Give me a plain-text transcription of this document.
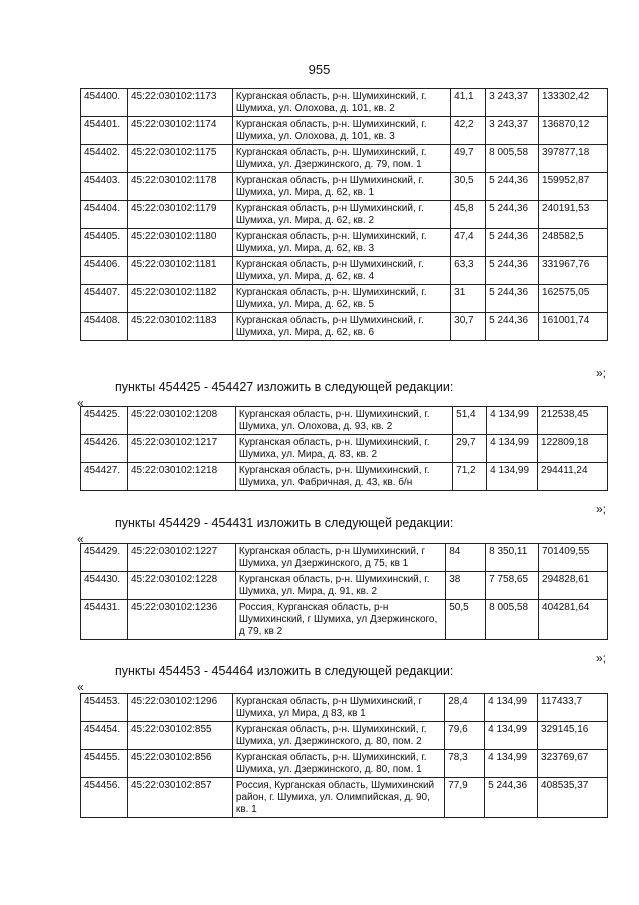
955
454400.	45:22:030102:1173	Курганская область, р-н. Шумихинский, г. Шумиха, ул. Олохова, д. 101, кв. 2	41,1	3 243,37	133302,42
454401.	45:22:030102:1174	Курганская область, р-н. Шумихинский, г. Шумиха, ул. Олохова, д. 101, кв. 3	42,2	3 243,37	136870,12
454402.	45:22:030102:1175	Курганская область, р-н. Шумихинский, г. Шумиха, ул. Дзержинского, д. 79, пом. 1	49,7	8 005,58	397877,18
454403.	45:22:030102:1178	Курганская область, р-н Шумихинский, г. Шумиха, ул. Мира, д. 62, кв. 1	30,5	5 244,36	159952,87
454404.	45:22:030102:1179	Курганская область, р-н Шумихинский, г. Шумиха, ул. Мира, д. 62, кв. 2	45,8	5 244,36	240191,53
454405.	45:22:030102:1180	Курганская область, р-н. Шумихинский, г. Шумиха, ул. Мира, д. 62, кв. 3	47,4	5 244,36	248582,5
454406.	45:22:030102:1181	Курганская область, р-н Шумихинский, г. Шумиха, ул. Мира, д. 62, кв. 4	63,3	5 244,36	331967,76
454407.	45:22:030102:1182	Курганская область, р-н. Шумихинский, г. Шумиха, ул. Мира, д. 62, кв. 5	31	5 244,36	162575,05
454408.	45:22:030102:1183	Курганская область, р-н Шумихинский, г. Шумиха, ул. Мира, д. 62, кв. 6	30,7	5 244,36	161001,74
»;
пункты 454425 - 454427 изложить в следующей редакции:
«
454425.	45:22:030102:1208	Курганская область, р-н. Шумихинский, г. Шумиха, ул. Олохова, д. 93, кв. 2	51,4	4 134,99	212538,45
454426.	45:22:030102:1217	Курганская область, р-н. Шумихинский, г. Шумиха, ул. Мира, д. 83, кв. 2	29,7	4 134,99	122809,18
454427.	45:22:030102:1218	Курганская область, р-н. Шумихинский, г. Шумиха, ул. Фабричная, д. 43, кв. б/н	71,2	4 134,99	294411,24
»;
пункты 454429 - 454431 изложить в следующей редакции:
«
454429.	45:22:030102:1227	Курганская область, р-н Шумихинский, г Шумиха, ул Дзержинского, д 75, кв 1	84	8 350,11	701409,55
454430.	45:22:030102:1228	Курганская область, р-н. Шумихинский, г. Шумиха, ул. Мира, д. 91, кв. 2	38	7 758,65	294828,61
454431.	45:22:030102:1236	Россия, Курганская область, р-н Шумихинский, г Шумиха, ул Дзержинского, д 79, кв 2	50,5	8 005,58	404281,64
»;
пункты 454453 - 454464 изложить в следующей редакции:
«
454453.	45:22:030102:1296	Курганская область, р-н Шумихинский, г Шумиха, ул Мира, д 83, кв 1	28,4	4 134,99	117433,7
454454.	45:22:030102:855	Курганская область, р-н. Шумихинский, г. Шумиха, ул. Дзержинского, д. 80, пом. 2	79,6	4 134,99	329145,16
454455.	45:22:030102:856	Курганская область, р-н. Шумихинский, г. Шумиха, ул. Дзержинского, д. 80, пом. 1	78,3	4 134,99	323769,67
454456.	45:22:030102:857	Россия, Курганская область, Шумихинский район, г. Шумиха, ул. Олимпийская, д. 90, кв. 1	77,9	5 244,36	408535,37
